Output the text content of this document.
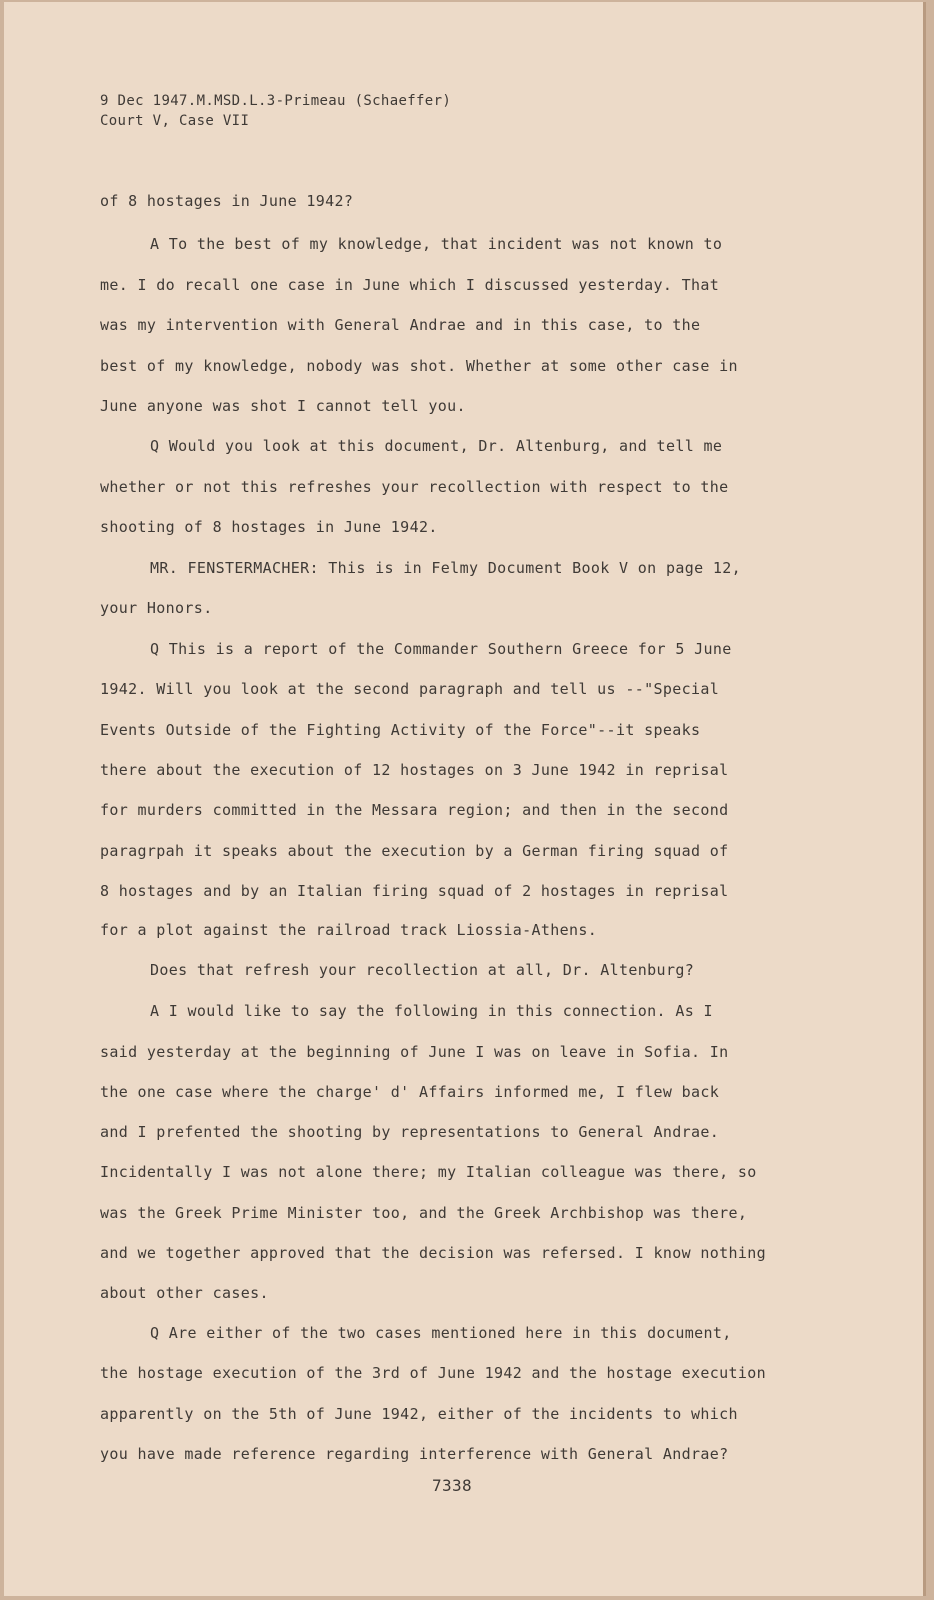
9 Dec 1947.M.MSD.L.3-Primeau (Schaeffer)
Court V, Case VII
of 8 hostages in June 1942?
A To the best of my knowledge, that incident was not known to
me. I do recall one case in June which I discussed yesterday. That
was my intervention with General Andrae and in this case, to the
best of my knowledge, nobody was shot. Whether at some other case in
June anyone was shot I cannot tell you.
Q Would you look at this document, Dr. Altenburg, and tell me
whether or not this refreshes your recollection with respect to the
shooting of 8 hostages in June 1942.
MR. FENSTERMACHER: This is in Felmy Document Book V on page 12,
your Honors.
Q This is a report of the Commander Southern Greece for 5 June
1942. Will you look at the second paragraph and tell us --"Special
Events Outside of the Fighting Activity of the Force"--it speaks
there about the execution of 12 hostages on 3 June 1942 in reprisal
for murders committed in the Messara region; and then in the second
paragrpah it speaks about the execution by a German firing squad of
8 hostages and by an Italian firing squad of 2 hostages in reprisal
for a plot against the railroad track Liossia-Athens.
Does that refresh your recollection at all, Dr. Altenburg?
A I would like to say the following in this connection. As I
said yesterday at the beginning of June I was on leave in Sofia. In
the one case where the charge' d' Affairs informed me, I flew back
and I prefented the shooting by representations to General Andrae.
Incidentally I was not alone there; my Italian colleague was there, so
was the Greek Prime Minister too, and the Greek Archbishop was there,
and we together approved that the decision was refersed. I know nothing
about other cases.
Q Are either of the two cases mentioned here in this document,
the hostage execution of the 3rd of June 1942 and the hostage execution
apparently on the 5th of June 1942, either of the incidents to which
you have made reference regarding interference with General Andrae?
7338
